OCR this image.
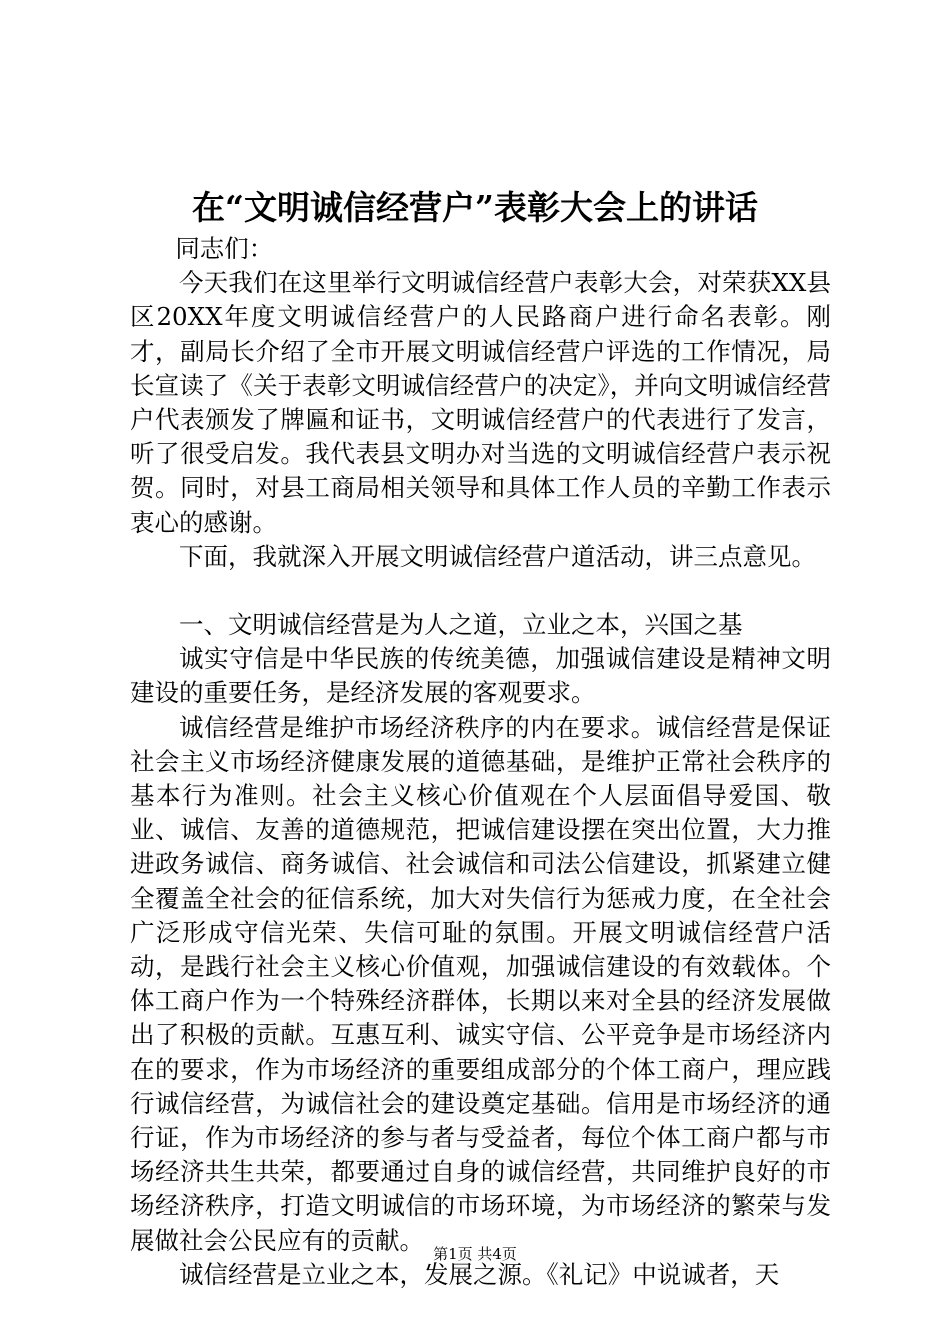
在“文明诚信经营户”表彰大会上的讲话

同志们：

今天我们在这里举行文明诚信经营户表彰大会，对荣获XX县区20XX年度文明诚信经营户的人民路商户进行命名表彰。刚才，副局长介绍了全市开展文明诚信经营户评选的工作情况，局长宣读了《关于表彰文明诚信经营户的决定》，并向文明诚信经营户代表颁发了牌匾和证书，文明诚信经营户的代表进行了发言，听了很受启发。我代表县文明办对当选的文明诚信经营户表示祝贺。同时，对县工商局相关领导和具体工作人员的辛勤工作表示衷心的感谢。

下面，我就深入开展文明诚信经营户道活动，讲三点意见。

一、文明诚信经营是为人之道，立业之本，兴国之基

诚实守信是中华民族的传统美德，加强诚信建设是精神文明建设的重要任务，是经济发展的客观要求。

诚信经营是维护市场经济秩序的内在要求。诚信经营是保证社会主义市场经济健康发展的道德基础，是维护正常社会秩序的基本行为准则。社会主义核心价值观在个人层面倡导爱国、敬业、诚信、友善的道德规范，把诚信建设摆在突出位置，大力推进政务诚信、商务诚信、社会诚信和司法公信建设，抓紧建立健全覆盖全社会的征信系统，加大对失信行为惩戒力度，在全社会广泛形成守信光荣、失信可耻的氛围。开展文明诚信经营户活动，是践行社会主义核心价值观，加强诚信建设的有效载体。个体工商户作为一个特殊经济群体，长期以来对全县的经济发展做出了积极的贡献。互惠互利、诚实守信、公平竞争是市场经济内在的要求，作为市场经济的重要组成部分的个体工商户，理应践行诚信经营，为诚信社会的建设奠定基础。信用是市场经济的通行证，作为市场经济的参与者与受益者，每位个体工商户都与市场经济共生共荣，都要通过自身的诚信经营，共同维护良好的市场经济秩序，打造文明诚信的市场环境，为市场经济的繁荣与发展做社会公民应有的贡献。

诚信经营是立业之本，发展之源。《礼记》中说诚者，天

第1页 共4页
